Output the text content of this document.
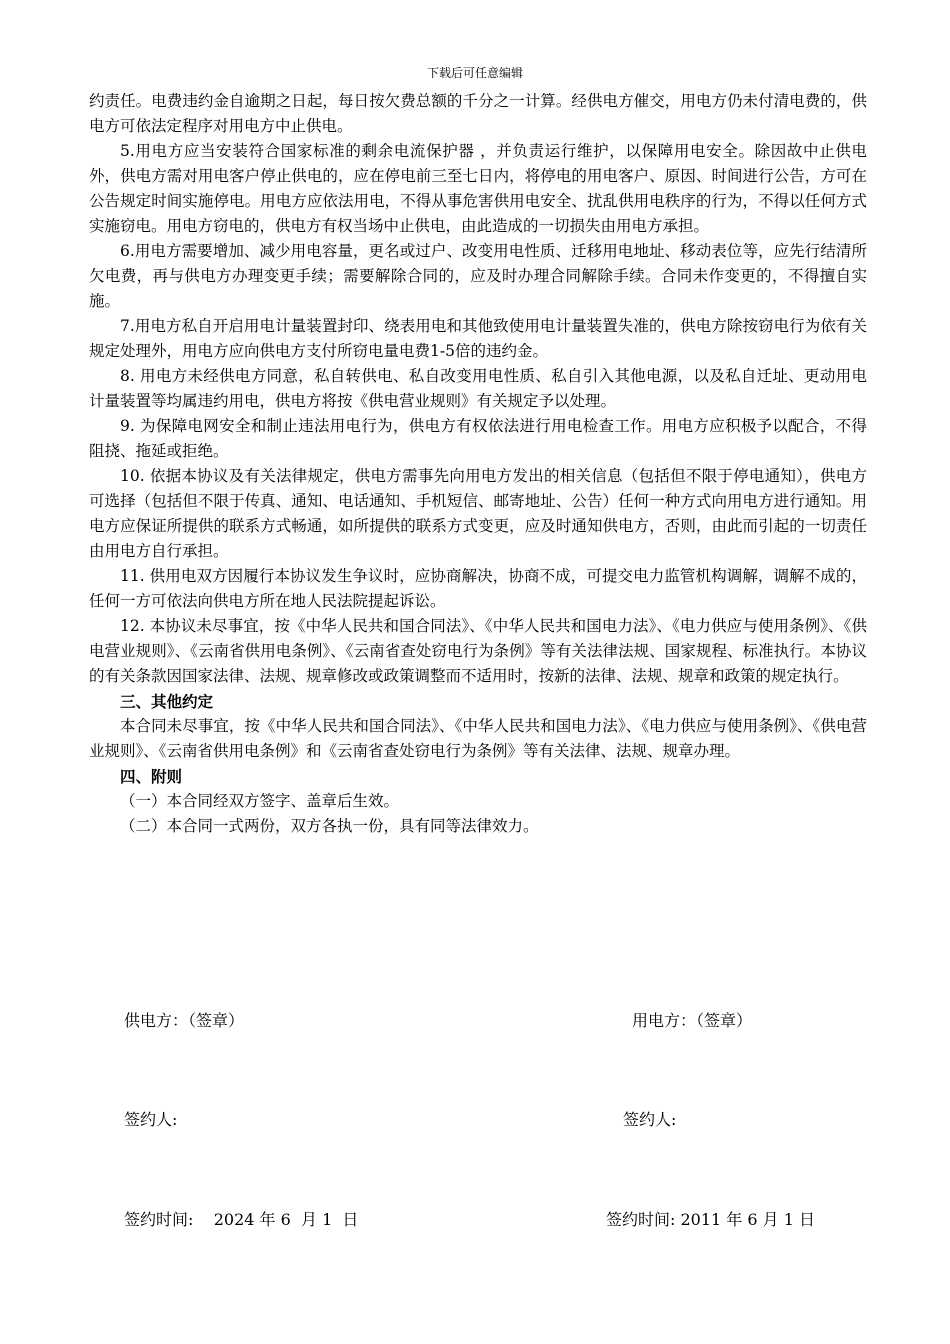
下载后可任意编辑

约责任。电费违约金自逾期之日起，每日按欠费总额的千分之一计算。经供电方催交，用电方仍未付清电费的，供电方可依法定程序对用电方中止供电。

5.用电方应当安装符合国家标准的剩余电流保护器 ，并负责运行维护，以保障用电安全。除因故中止供电外，供电方需对用电客户停止供电的，应在停电前三至七日内，将停电的用电客户、原因、时间进行公告，方可在公告规定时间实施停电。用电方应依法用电，不得从事危害供用电安全、扰乱供用电秩序的行为，不得以任何方式实施窃电。用电方窃电的，供电方有权当场中止供电，由此造成的一切损失由用电方承担。

6.用电方需要增加、减少用电容量，更名或过户、改变用电性质、迁移用电地址、移动表位等，应先行结清所欠电费，再与供电方办理变更手续；需要解除合同的，应及时办理合同解除手续。合同未作变更的，不得擅自实施。

7.用电方私自开启用电计量装置封印、绕表用电和其他致使用电计量装置失准的，供电方除按窃电行为依有关规定处理外，用电方应向供电方支付所窃电量电费1-5倍的违约金。

8. 用电方未经供电方同意，私自转供电、私自改变用电性质、私自引入其他电源，以及私自迁址、更动用电计量装置等均属违约用电，供电方将按《供电营业规则》有关规定予以处理。

9. 为保障电网安全和制止违法用电行为，供电方有权依法进行用电检查工作。用电方应积极予以配合，不得阻挠、拖延或拒绝。

10. 依据本协议及有关法律规定，供电方需事先向用电方发出的相关信息（包括但不限于停电通知），供电方可选择（包括但不限于传真、通知、电话通知、手机短信、邮寄地址、公告）任何一种方式向用电方进行通知。用电方应保证所提供的联系方式畅通，如所提供的联系方式变更，应及时通知供电方，否则，由此而引起的一切责任由用电方自行承担。

11. 供用电双方因履行本协议发生争议时，应协商解决，协商不成，可提交电力监管机构调解，调解不成的，任何一方可依法向供电方所在地人民法院提起诉讼。

12. 本协议未尽事宜，按《中华人民共和国合同法》、《中华人民共和国电力法》、《电力供应与使用条例》、《供电营业规则》、《云南省供用电条例》、《云南省查处窃电行为条例》等有关法律法规、国家规程、标准执行。本协议的有关条款因国家法律、法规、规章修改或政策调整而不适用时，按新的法律、法规、规章和政策的规定执行。

三、其他约定

本合同未尽事宜，按《中华人民共和国合同法》、《中华人民共和国电力法》、《电力供应与使用条例》、《供电营业规则》、《云南省供用电条例》和《云南省查处窃电行为条例》等有关法律、法规、规章办理。

四、附则

（一）本合同经双方签字、盖章后生效。

（二）本合同一式两份，双方各执一份，具有同等法律效力。

供电方：（签章）	用电方：（签章）
签约人:	签约人:
签约时间:    2024 年 6  月 1  日	签约时间: 2011 年 6 月 1 日
